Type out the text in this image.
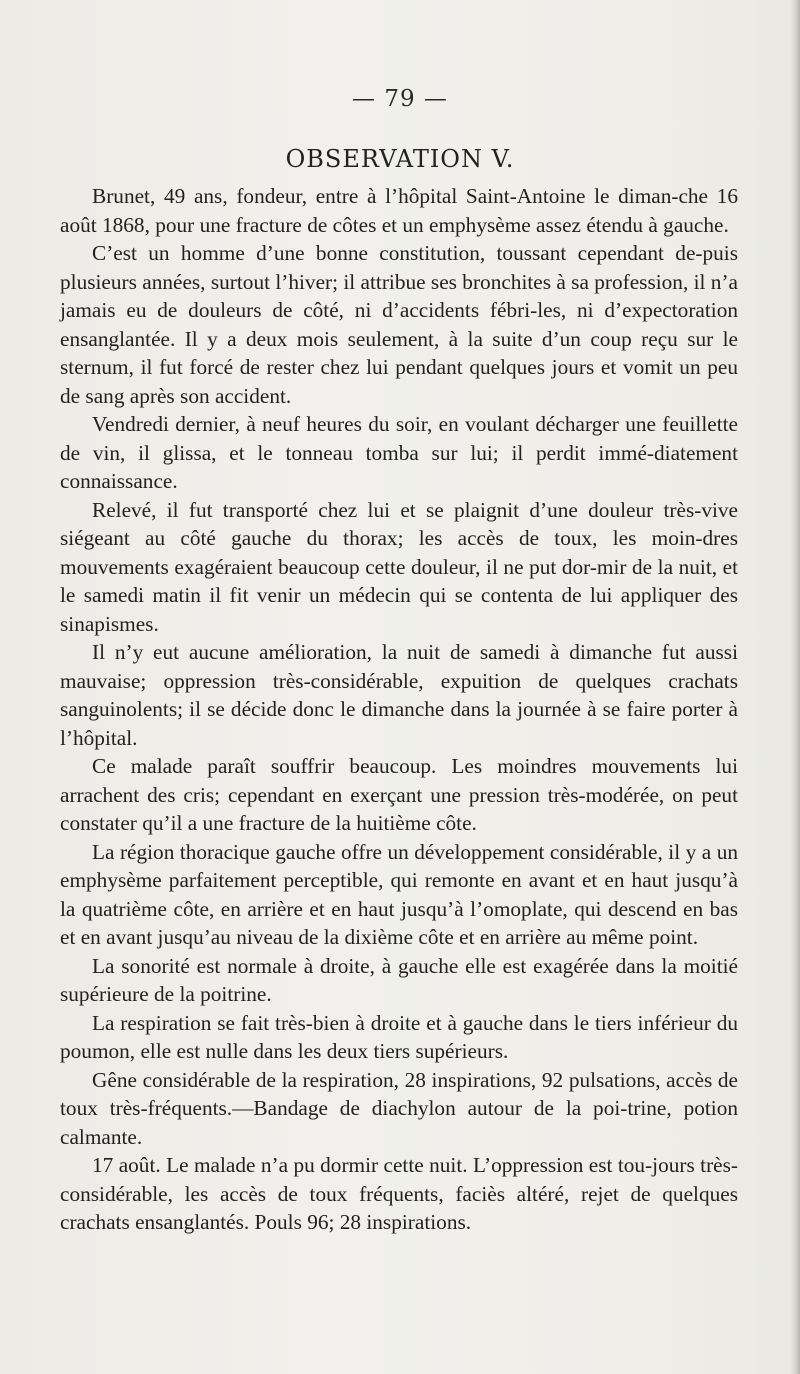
— 79 —
OBSERVATION V.

Brunet, 49 ans, fondeur, entre à l’hôpital Saint-Antoine le diman-che 16 août 1868, pour une fracture de côtes et un emphysème assez étendu à gauche.

C’est un homme d’une bonne constitution, toussant cependant de-puis plusieurs années, surtout l’hiver; il attribue ses bronchites à sa profession, il n’a jamais eu de douleurs de côté, ni d’accidents fébri-les, ni d’expectoration ensanglantée. Il y a deux mois seulement, à la suite d’un coup reçu sur le sternum, il fut forcé de rester chez lui pendant quelques jours et vomit un peu de sang après son accident.

Vendredi dernier, à neuf heures du soir, en voulant décharger une feuillette de vin, il glissa, et le tonneau tomba sur lui; il perdit immé-diatement connaissance.

Relevé, il fut transporté chez lui et se plaignit d’une douleur très-vive siégeant au côté gauche du thorax; les accès de toux, les moin-dres mouvements exagéraient beaucoup cette douleur, il ne put dor-mir de la nuit, et le samedi matin il fit venir un médecin qui se contenta de lui appliquer des sinapismes.

Il n’y eut aucune amélioration, la nuit de samedi à dimanche fut aussi mauvaise; oppression très-considérable, expuition de quelques crachats sanguinolents; il se décide donc le dimanche dans la journée à se faire porter à l’hôpital.

Ce malade paraît souffrir beaucoup. Les moindres mouvements lui arrachent des cris; cependant en exerçant une pression très-modérée, on peut constater qu’il a une fracture de la huitième côte.

La région thoracique gauche offre un développement considérable, il y a un emphysème parfaitement perceptible, qui remonte en avant et en haut jusqu’à la quatrième côte, en arrière et en haut jusqu’à l’omoplate, qui descend en bas et en avant jusqu’au niveau de la dixième côte et en arrière au même point.

La sonorité est normale à droite, à gauche elle est exagérée dans la moitié supérieure de la poitrine.

La respiration se fait très-bien à droite et à gauche dans le tiers inférieur du poumon, elle est nulle dans les deux tiers supérieurs.

Gêne considérable de la respiration, 28 inspirations, 92 pulsations, accès de toux très-fréquents.—Bandage de diachylon autour de la poi-trine, potion calmante.

17 août. Le malade n’a pu dormir cette nuit. L’oppression est tou-jours très-considérable, les accès de toux fréquents, faciès altéré, rejet de quelques crachats ensanglantés. Pouls 96; 28 inspirations.
